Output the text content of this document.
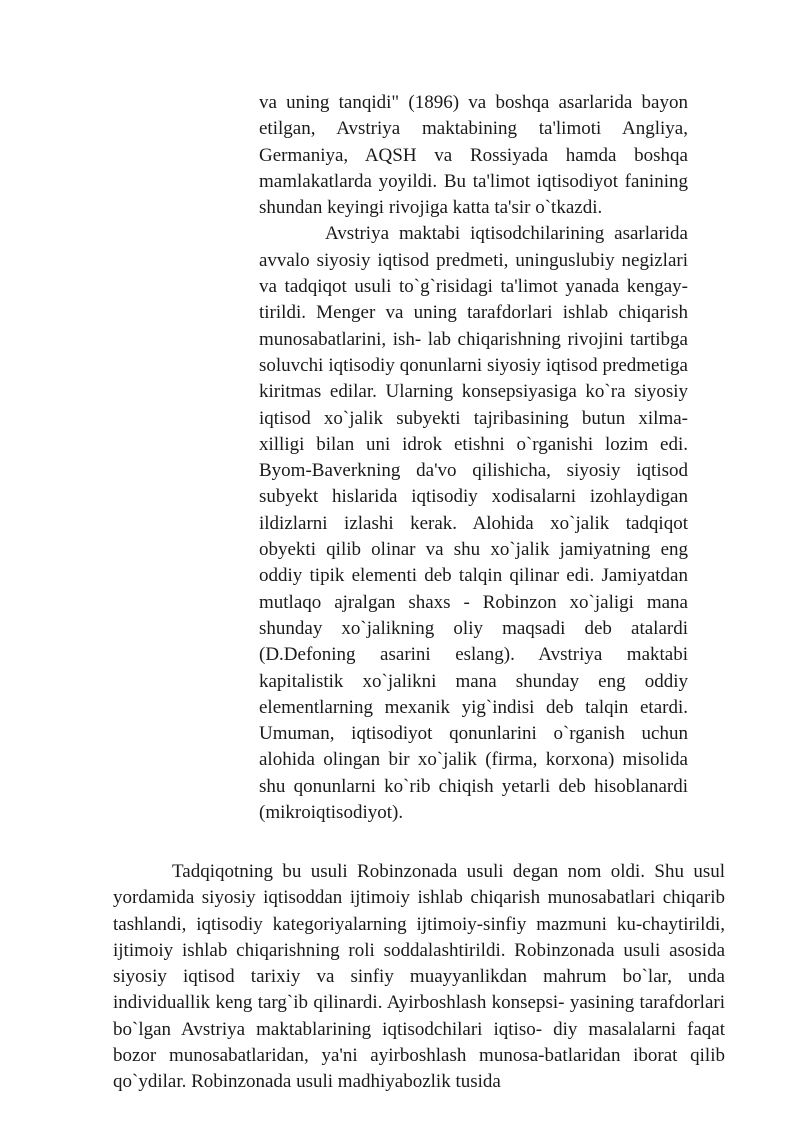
va uning tanqidi" (1896) va boshqa asarlarida bayon etilgan, Avstriya maktabining ta'limoti Angliya, Germaniya, AQSH va Rossiyada hamda boshqa mamlakatlarda yoyildi. Bu ta'limot iqtisodiyot fanining shundan keyingi rivojiga katta ta'sir o`tkazdi.

Avstriya maktabi iqtisodchilarining asarlarida avvalo siyosiy iqtisod predmeti, uninguslubiy negizlari va tadqiqot usuli to`g`risidagi ta'limot yanada kengay- tirildi. Menger va uning tarafdorlari ishlab chiqarish munosabatlarini, ish- lab chiqarishning rivojini tartibga soluvchi iqtisodiy qonunlarni siyosiy iqtisod predmetiga kiritmas edilar. Ularning konsepsiyasiga ko`ra siyosiy iqtisod xo`jalik subyekti tajribasining butun xilma-xilligi bilan uni idrok etishni o`rganishi lozim edi. Byom-Baverkning da'vo qilishicha, siyosiy iqtisod subyekt hislarida iqtisodiy xodisalarni izohlaydigan ildizlarni izlashi kerak. Alohida xo`jalik tadqiqot obyekti qilib olinar va shu xo`jalik jamiyatning eng oddiy tipik elementi deb talqin qilinar edi. Jamiyatdan mutlaqo ajralgan shaxs - Robinzon xo`jaligi mana shunday xo`jalikning oliy maqsadi deb atalardi (D.Defoning asarini eslang). Avstriya maktabi kapitalistik xo`jalikni mana shunday eng oddiy elementlarning mexanik yig`indisi deb talqin etardi. Umuman, iqtisodiyot qonunlarini o`rganish uchun alohida olingan bir xo`jalik (firma, korxona) misolida shu qonunlarni ko`rib chiqish yetarli deb hisoblanardi (mikroiqtisodiyot).

Tadqiqotning bu usuli Robinzonada usuli degan nom oldi. Shu usul yordamida siyosiy iqtisoddan ijtimoiy ishlab chiqarish munosabatlari chiqarib tashlandi, iqtisodiy kategoriyalarning ijtimoiy-sinfiy mazmuni ku-chaytirildi, ijtimoiy ishlab chiqarishning roli soddalashtirildi. Robinzonada usuli asosida siyosiy iqtisod tarixiy va sinfiy muayyanlikdan mahrum bo`lar, unda individuallik keng targ`ib qilinardi. Ayirboshlash konsepsi- yasining tarafdorlari bo`lgan Avstriya maktablarining iqtisodchilari iqtiso- diy masalalarni faqat bozor munosabatlaridan, ya'ni ayirboshlash munosa-batlaridan iborat qilib qo`ydilar. Robinzonada usuli madhiyabozlik tusida
